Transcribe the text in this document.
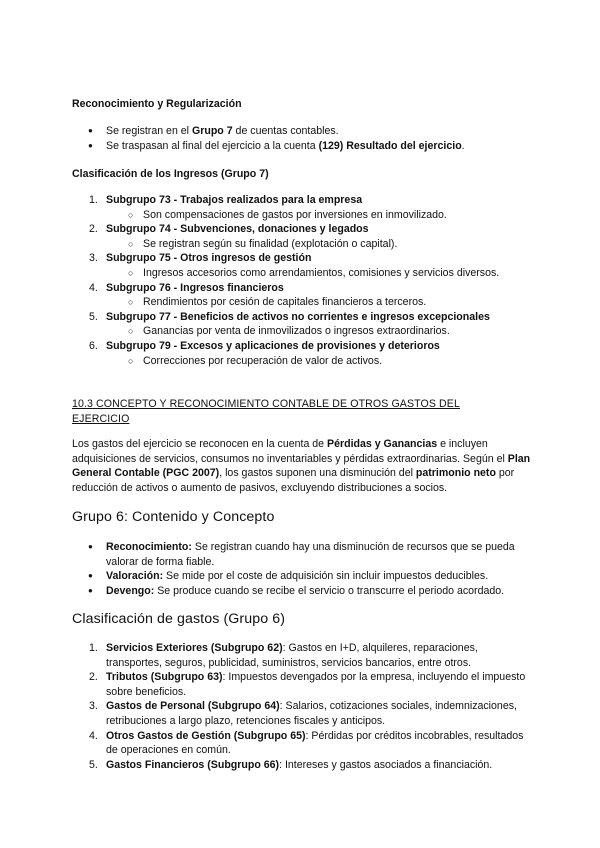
Reconocimiento y Regularización
● Se registran en el Grupo 7 de cuentas contables.
● Se traspasan al final del ejercicio a la cuenta (129) Resultado del ejercicio.
Clasificación de los Ingresos (Grupo 7)
1. Subgrupo 73 - Trabajos realizados para la empresa
○ Son compensaciones de gastos por inversiones en inmovilizado.
2. Subgrupo 74 - Subvenciones, donaciones y legados
○ Se registran según su finalidad (explotación o capital).
3. Subgrupo 75 - Otros ingresos de gestión
○ Ingresos accesorios como arrendamientos, comisiones y servicios diversos.
4. Subgrupo 76 - Ingresos financieros
○ Rendimientos por cesión de capitales financieros a terceros.
5. Subgrupo 77 - Beneficios de activos no corrientes e ingresos excepcionales
○ Ganancias por venta de inmovilizados o ingresos extraordinarios.
6. Subgrupo 79 - Excesos y aplicaciones de provisiones y deterioros
○ Correcciones por recuperación de valor de activos.
10.3 CONCEPTO Y RECONOCIMIENTO CONTABLE DE OTROS GASTOS DEL
EJERCICIO

Los gastos del ejercicio se reconocen en la cuenta de Pérdidas y Ganancias e incluyen adquisiciones de servicios, consumos no inventariables y pérdidas extraordinarias. Según el Plan General Contable (PGC 2007), los gastos suponen una disminución del patrimonio neto por reducción de activos o aumento de pasivos, excluyendo distribuciones a socios.

Grupo 6: Contenido y Concepto
● Reconocimiento: Se registran cuando hay una disminución de recursos que se pueda valorar de forma fiable.
● Valoración: Se mide por el coste de adquisición sin incluir impuestos deducibles.
● Devengo: Se produce cuando se recibe el servicio o transcurre el periodo acordado.
Clasificación de gastos (Grupo 6)
1. Servicios Exteriores (Subgrupo 62): Gastos en I+D, alquileres, reparaciones, transportes, seguros, publicidad, suministros, servicios bancarios, entre otros.
2. Tributos (Subgrupo 63): Impuestos devengados por la empresa, incluyendo el impuesto sobre beneficios.
3. Gastos de Personal (Subgrupo 64): Salarios, cotizaciones sociales, indemnizaciones, retribuciones a largo plazo, retenciones fiscales y anticipos.
4. Otros Gastos de Gestión (Subgrupo 65): Pérdidas por créditos incobrables, resultados de operaciones en común.
5. Gastos Financieros (Subgrupo 66): Intereses y gastos asociados a financiación.
